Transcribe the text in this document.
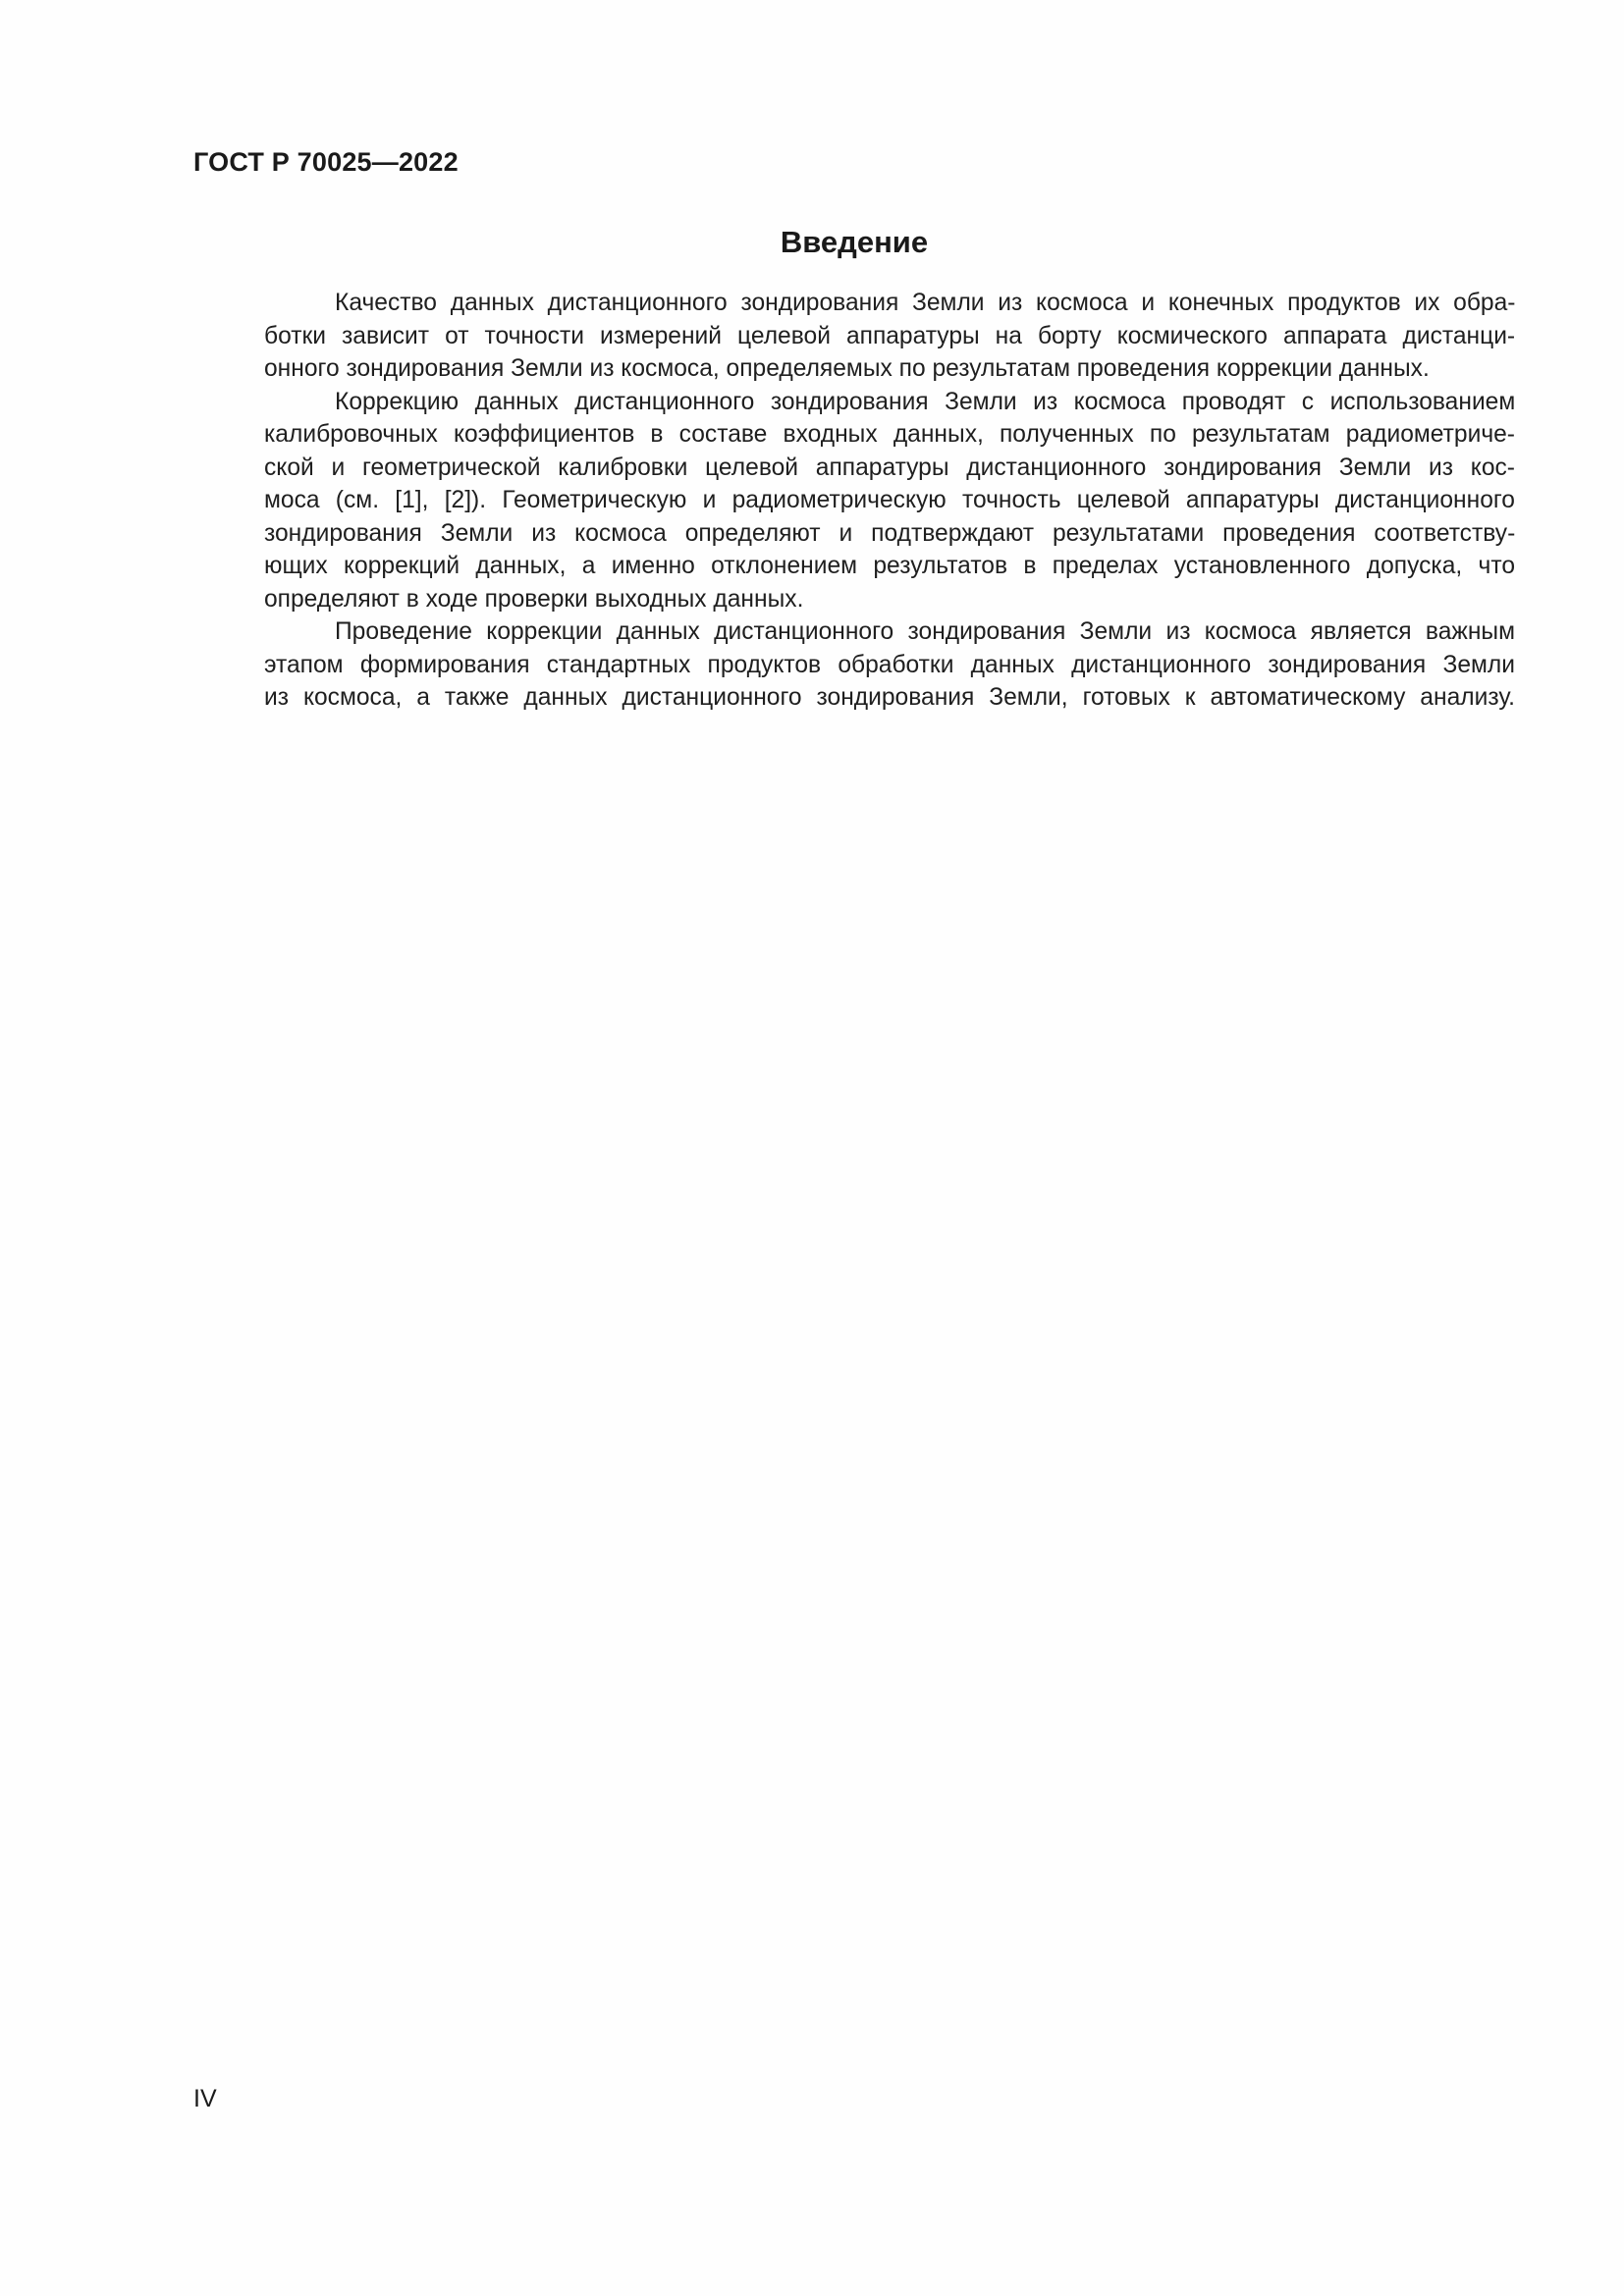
ГОСТ Р 70025—2022
Введение
Качество данных дистанционного зондирования Земли из космоса и конечных продуктов их обра-
ботки зависит от точности измерений целевой аппаратуры на борту космического аппарата дистанци-
онного зондирования Земли из космоса, определяемых по результатам проведения коррекции данных.
Коррекцию данных дистанционного зондирования Земли из космоса проводят с использованием
калибровочных коэффициентов в составе входных данных, полученных по результатам радиометриче-
ской и геометрической калибровки целевой аппаратуры дистанционного зондирования Земли из кос-
моса (см. [1], [2]). Геометрическую и радиометрическую точность целевой аппаратуры дистанционного
зондирования Земли из космоса определяют и подтверждают результатами проведения соответству-
ющих коррекций данных, а именно отклонением результатов в пределах установленного допуска, что
определяют в ходе проверки выходных данных.
Проведение коррекции данных дистанционного зондирования Земли из космоса является важным
этапом формирования стандартных продуктов обработки данных дистанционного зондирования Земли
из космоса, а также данных дистанционного зондирования Земли, готовых к автоматическому анализу.
IV
